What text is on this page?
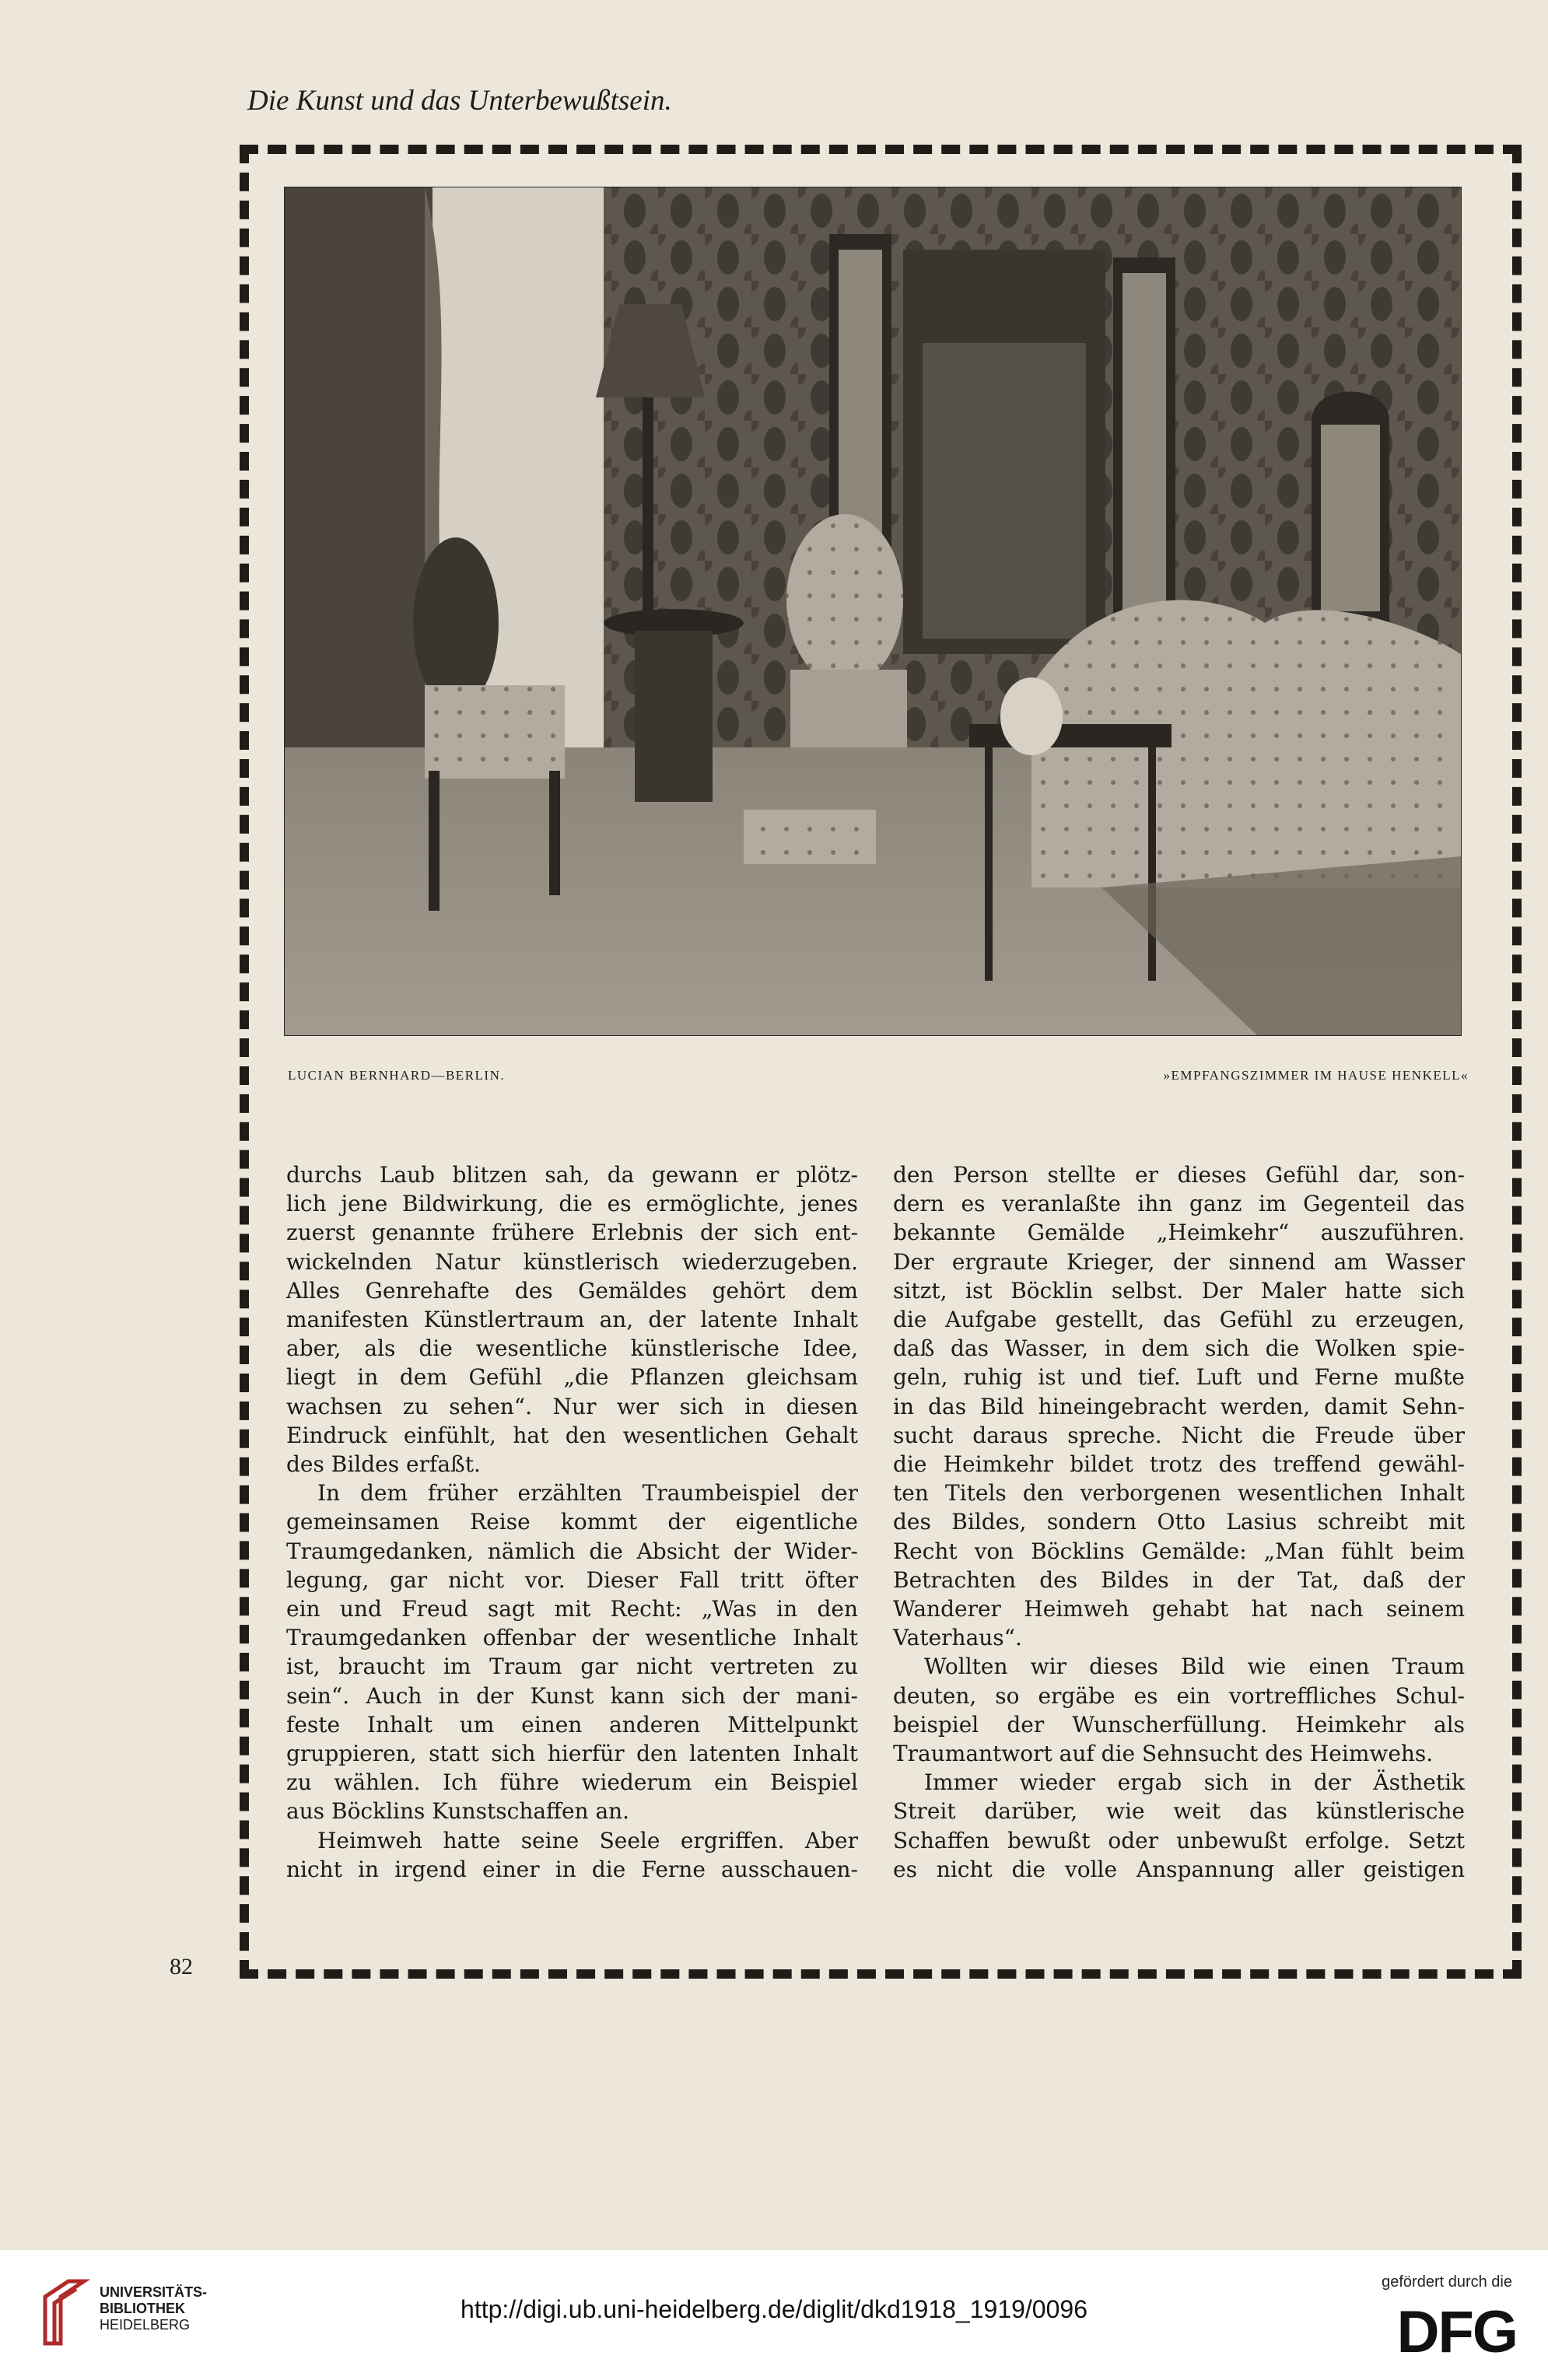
Die Kunst und das Unterbewußtsein.
LUCIAN BERNHARD—BERLIN.	»EMPFANGSZIMMER IM HAUSE HENKELL«
durchs Laub blitzen sah, da gewann er plötz-
lich jene Bildwirkung, die es ermöglichte, jenes
zuerst genannte frühere Erlebnis der sich ent-
wickelnden Natur künstlerisch wiederzugeben.
Alles Genrehafte des Gemäldes gehört dem
manifesten Künstlertraum an, der latente Inhalt
aber, als die wesentliche künstlerische Idee,
liegt in dem Gefühl „die Pflanzen gleichsam
wachsen zu sehen“. Nur wer sich in diesen
Eindruck einfühlt, hat den wesentlichen Gehalt
des Bildes erfaßt.
In dem früher erzählten Traumbeispiel der
gemeinsamen Reise kommt der eigentliche
Traumgedanken, nämlich die Absicht der Wider-
legung, gar nicht vor. Dieser Fall tritt öfter
ein und Freud sagt mit Recht: „Was in den
Traumgedanken offenbar der wesentliche Inhalt
ist, braucht im Traum gar nicht vertreten zu
sein“. Auch in der Kunst kann sich der mani-
feste Inhalt um einen anderen Mittelpunkt
gruppieren, statt sich hierfür den latenten Inhalt
zu wählen. Ich führe wiederum ein Beispiel
aus Böcklins Kunstschaffen an.
Heimweh hatte seine Seele ergriffen. Aber
nicht in irgend einer in die Ferne ausschauen-
den Person stellte er dieses Gefühl dar, son-
dern es veranlaßte ihn ganz im Gegenteil das
bekannte Gemälde „Heimkehr“ auszuführen.
Der ergraute Krieger, der sinnend am Wasser
sitzt, ist Böcklin selbst. Der Maler hatte sich
die Aufgabe gestellt, das Gefühl zu erzeugen,
daß das Wasser, in dem sich die Wolken spie-
geln, ruhig ist und tief. Luft und Ferne mußte
in das Bild hineingebracht werden, damit Sehn-
sucht daraus spreche. Nicht die Freude über
die Heimkehr bildet trotz des treffend gewähl-
ten Titels den verborgenen wesentlichen Inhalt
des Bildes, sondern Otto Lasius schreibt mit
Recht von Böcklins Gemälde: „Man fühlt beim
Betrachten des Bildes in der Tat, daß der
Wanderer Heimweh gehabt hat nach seinem
Vaterhaus“.
Wollten wir dieses Bild wie einen Traum
deuten, so ergäbe es ein vortreffliches Schul-
beispiel der Wunscherfüllung. Heimkehr als
Traumantwort auf die Sehnsucht des Heimwehs.
Immer wieder ergab sich in der Ästhetik
Streit darüber, wie weit das künstlerische
Schaffen bewußt oder unbewußt erfolge. Setzt
es nicht die volle Anspannung aller geistigen
82
UNIVERSITÄTS-
BIBLIOTHEK
HEIDELBERG
http://digi.ub.uni-heidelberg.de/diglit/dkd1918_1919/0096
gefördert durch die
DFG
